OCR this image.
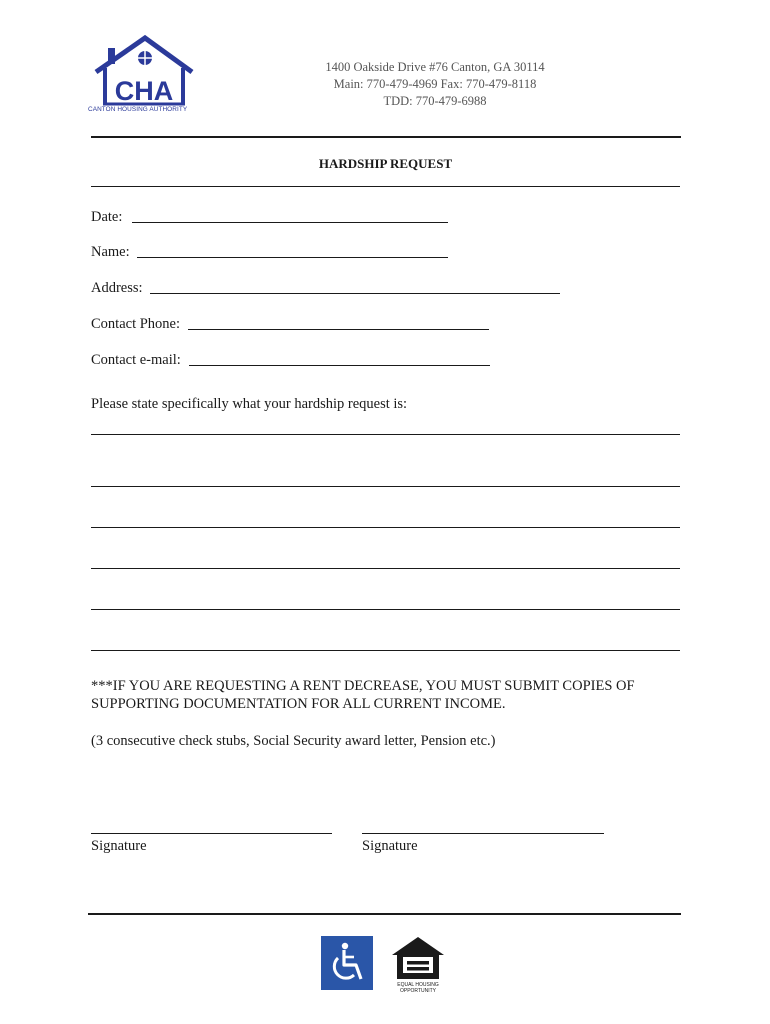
CHA
CANTON HOUSING AUTHORITY
1400 Oakside Drive #76 Canton, GA 30114
Main: 770-479-4969 Fax: 770-479-8118
TDD: 770-479-6988
HARDSHIP REQUEST
Date:
Name:
Address:
Contact Phone:
Contact e-mail:
Please state specifically what your hardship request is:
***IF YOU ARE REQUESTING A RENT DECREASE, YOU MUST SUBMIT COPIES OF SUPPORTING DOCUMENTATION FOR ALL CURRENT INCOME.
(3 consecutive check stubs, Social Security award letter, Pension etc.)
Signature	Signature
EQUAL HOUSING
OPPORTUNITY
